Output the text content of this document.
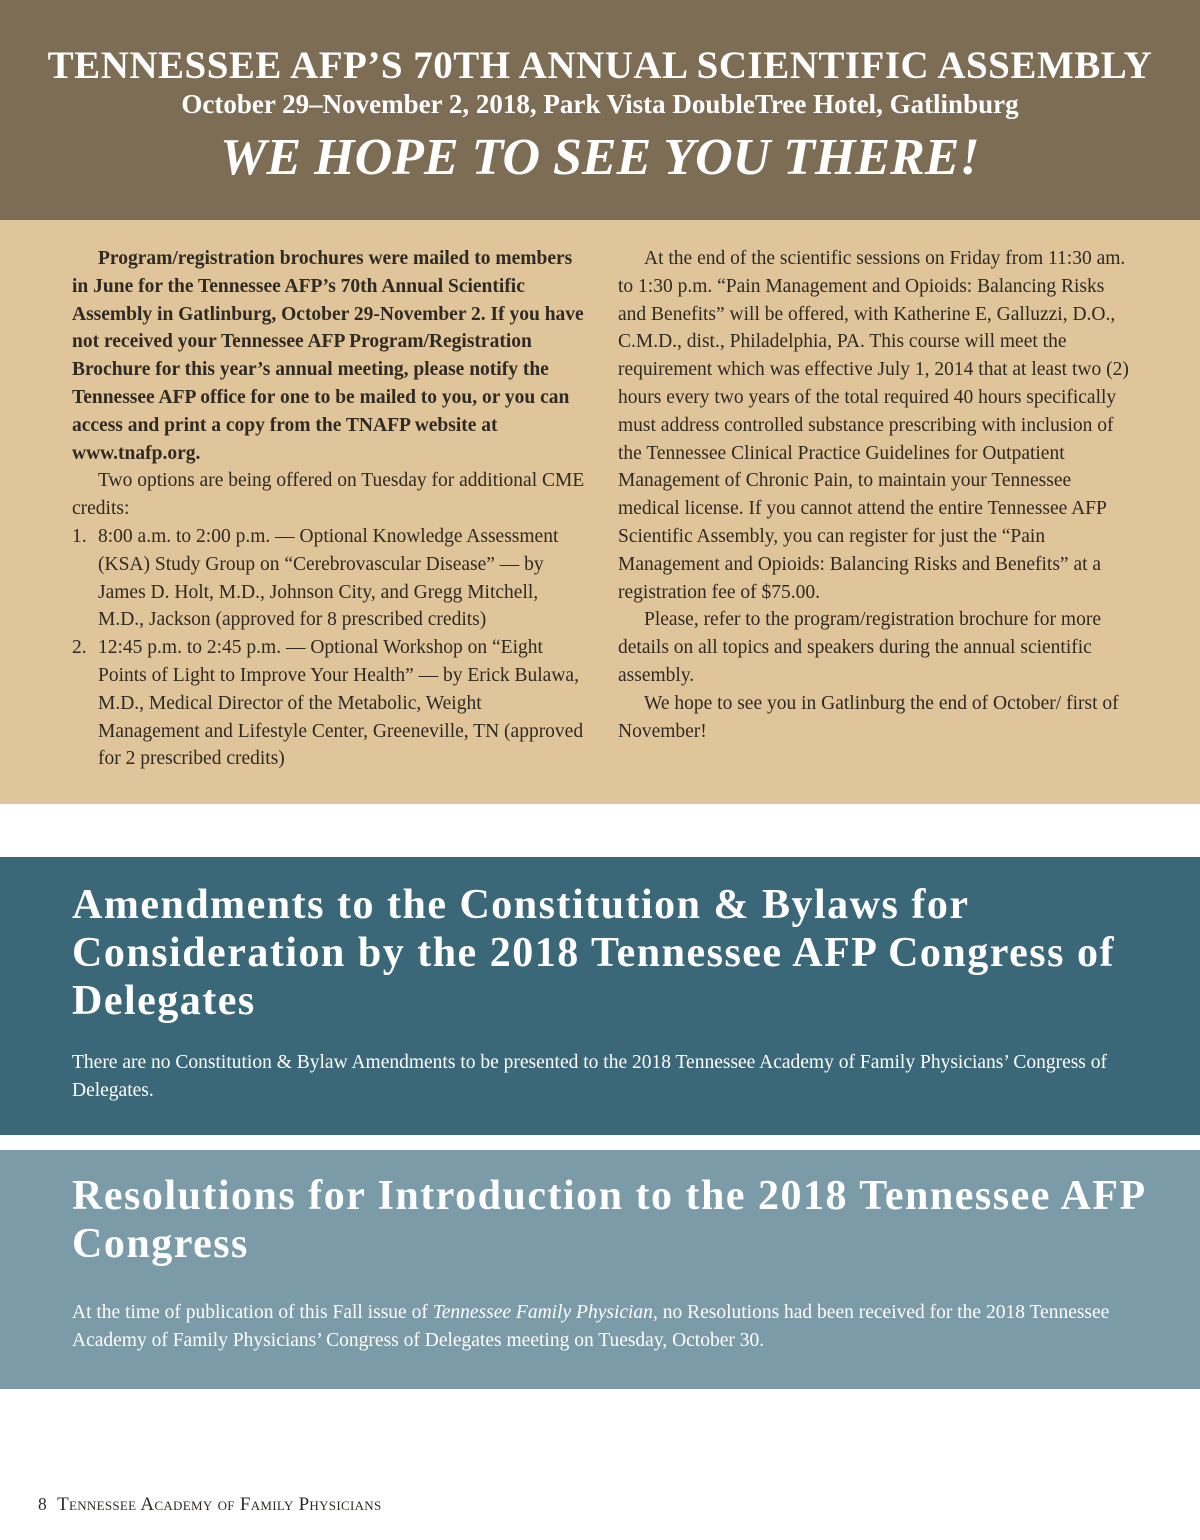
TENNESSEE AFP’S 70TH ANNUAL SCIENTIFIC ASSEMBLY
October 29–November 2, 2018, Park Vista DoubleTree Hotel, Gatlinburg
WE HOPE TO SEE YOU THERE!

Program/registration brochures were mailed to members in June for the Tennessee AFP’s 70th Annual Scientific Assembly in Gatlinburg, October 29-November 2. If you have not received your Tennessee AFP Program/Registration Brochure for this year’s annual meeting, please notify the Tennessee AFP office for one to be mailed to you, or you can access and print a copy from the TNAFP website at www.tnafp.org.

Two options are being offered on Tuesday for additional CME credits:

1. 8:00 a.m. to 2:00 p.m. — Optional Knowledge Assessment (KSA) Study Group on “Cerebrovascular Disease” — by James D. Holt, M.D., Johnson City, and Gregg Mitchell, M.D., Jackson (approved for 8 prescribed credits)
2. 12:45 p.m. to 2:45 p.m. — Optional Workshop on “Eight Points of Light to Improve Your Health” — by Erick Bulawa, M.D., Medical Director of the Metabolic, Weight Management and Lifestyle Center, Greeneville, TN (approved for 2 prescribed credits)

At the end of the scientific sessions on Friday from 11:30 am. to 1:30 p.m. “Pain Management and Opioids: Balancing Risks and Benefits” will be offered, with Katherine E, Galluzzi, D.O., C.M.D., dist., Philadelphia, PA. This course will meet the requirement which was effective July 1, 2014 that at least two (2) hours every two years of the total required 40 hours specifically must address controlled substance prescribing with inclusion of the Tennessee Clinical Practice Guidelines for Outpatient Management of Chronic Pain, to maintain your Tennessee medical license. If you cannot attend the entire Tennessee AFP Scientific Assembly, you can register for just the “Pain Management and Opioids: Balancing Risks and Benefits” at a registration fee of $75.00.

Please, refer to the program/registration brochure for more details on all topics and speakers during the annual scientific assembly.

We hope to see you in Gatlinburg the end of October/ first of November!

Amendments to the Constitution & Bylaws for Consideration by the 2018 Tennessee AFP Congress of Delegates
There are no Constitution & Bylaw Amendments to be presented to the 2018 Tennessee Academy of Family Physicians’ Congress of Delegates.
Resolutions for Introduction to the 2018 Tennessee AFP Congress
At the time of publication of this Fall issue of Tennessee Family Physician, no Resolutions had been received for the 2018 Tennessee Academy of Family Physicians’ Congress of Delegates meeting on Tuesday, October 30.
8 Tennessee Academy of Family Physicians
